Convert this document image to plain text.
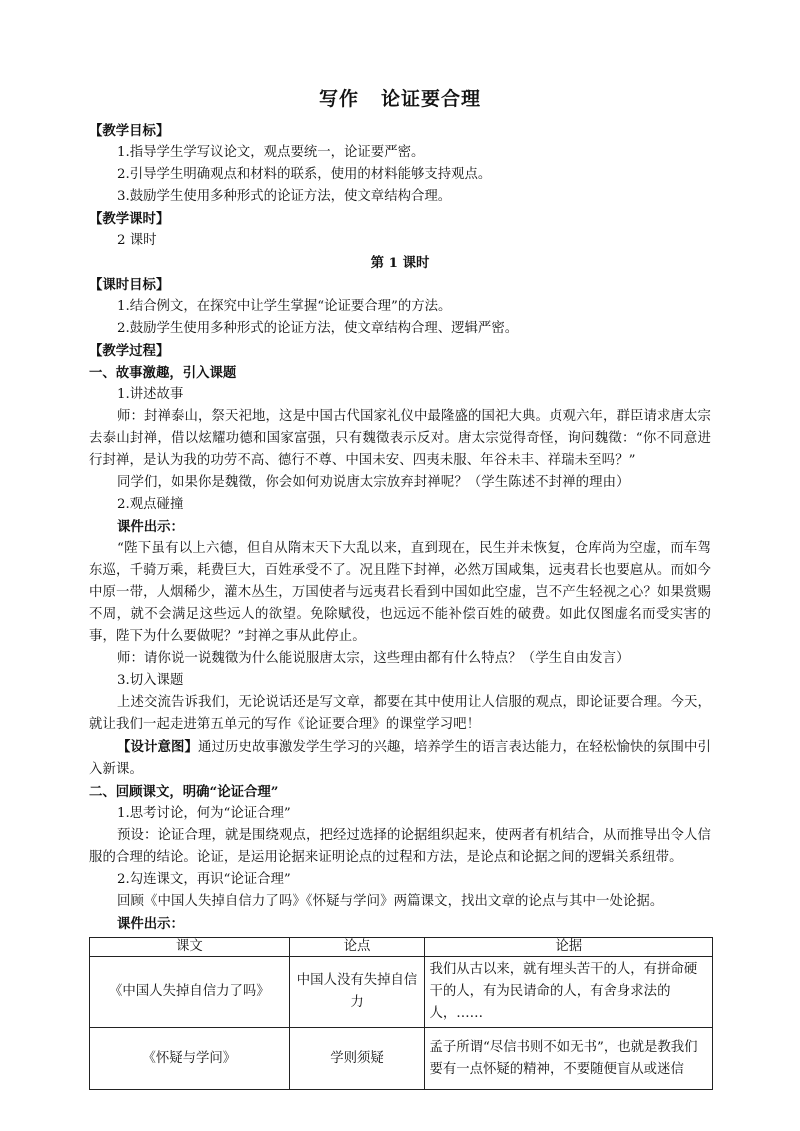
写作 论证要合理
【教学目标】
1.指导学生学写议论文，观点要统一，论证要严密。
2.引导学生明确观点和材料的联系，使用的材料能够支持观点。
3.鼓励学生使用多种形式的论证方法，使文章结构合理。
【教学课时】
2 课时
第 1 课时
【课时目标】
1.结合例文，在探究中让学生掌握“论证要合理”的方法。
2.鼓励学生使用多种形式的论证方法，使文章结构合理、逻辑严密。
【教学过程】
一、故事激趣，引入课题
1.讲述故事
师：封禅泰山，祭天祀地，这是中国古代国家礼仪中最隆盛的国祀大典。贞观六年，群臣请求唐太宗去泰山封禅，借以炫耀功德和国家富强，只有魏徵表示反对。唐太宗觉得奇怪，询问魏徵：“你不同意进行封禅，是认为我的功劳不高、德行不尊、中国未安、四夷未服、年谷未丰、祥瑞未至吗？”
同学们，如果你是魏徵，你会如何劝说唐太宗放弃封禅呢？（学生陈述不封禅的理由）
2.观点碰撞
课件出示：
“陛下虽有以上六德，但自从隋末天下大乱以来，直到现在，民生并未恢复，仓库尚为空虚，而车驾东巡，千骑万乘，耗费巨大，百姓承受不了。况且陛下封禅，必然万国咸集，远夷君长也要扈从。而如今中原一带，人烟稀少，灌木丛生，万国使者与远夷君长看到中国如此空虚，岂不产生轻视之心？如果赏赐不周，就不会满足这些远人的欲望。免除赋役，也远远不能补偿百姓的破费。如此仅图虚名而受实害的事，陛下为什么要做呢？”封禅之事从此停止。
师：请你说一说魏徵为什么能说服唐太宗，这些理由都有什么特点？（学生自由发言）
3.切入课题
上述交流告诉我们，无论说话还是写文章，都要在其中使用让人信服的观点，即论证要合理。今天，就让我们一起走进第五单元的写作《论证要合理》的课堂学习吧！
【设计意图】通过历史故事激发学生学习的兴趣，培养学生的语言表达能力，在轻松愉快的氛围中引入新课。
二、回顾课文，明确“论证合理”
1.思考讨论，何为“论证合理”
预设：论证合理，就是围绕观点，把经过选择的论据组织起来，使两者有机结合，从而推导出令人信服的合理的结论。论证，是运用论据来证明论点的过程和方法，是论点和论据之间的逻辑关系纽带。
2.勾连课文，再识“论证合理”
回顾《中国人失掉自信力了吗》《怀疑与学问》两篇课文，找出文章的论点与其中一处论据。
课件出示：
课文	论点	论据
《中国人失掉自信力了吗》	中国人没有失掉自信力	我们从古以来，就有埋头苦干的人，有拼命硬干的人，有为民请命的人，有舍身求法的人，……
《怀疑与学问》	学则须疑	孟子所谓“尽信书则不如无书”，也就是教我们要有一点怀疑的精神，不要随便盲从或迷信
